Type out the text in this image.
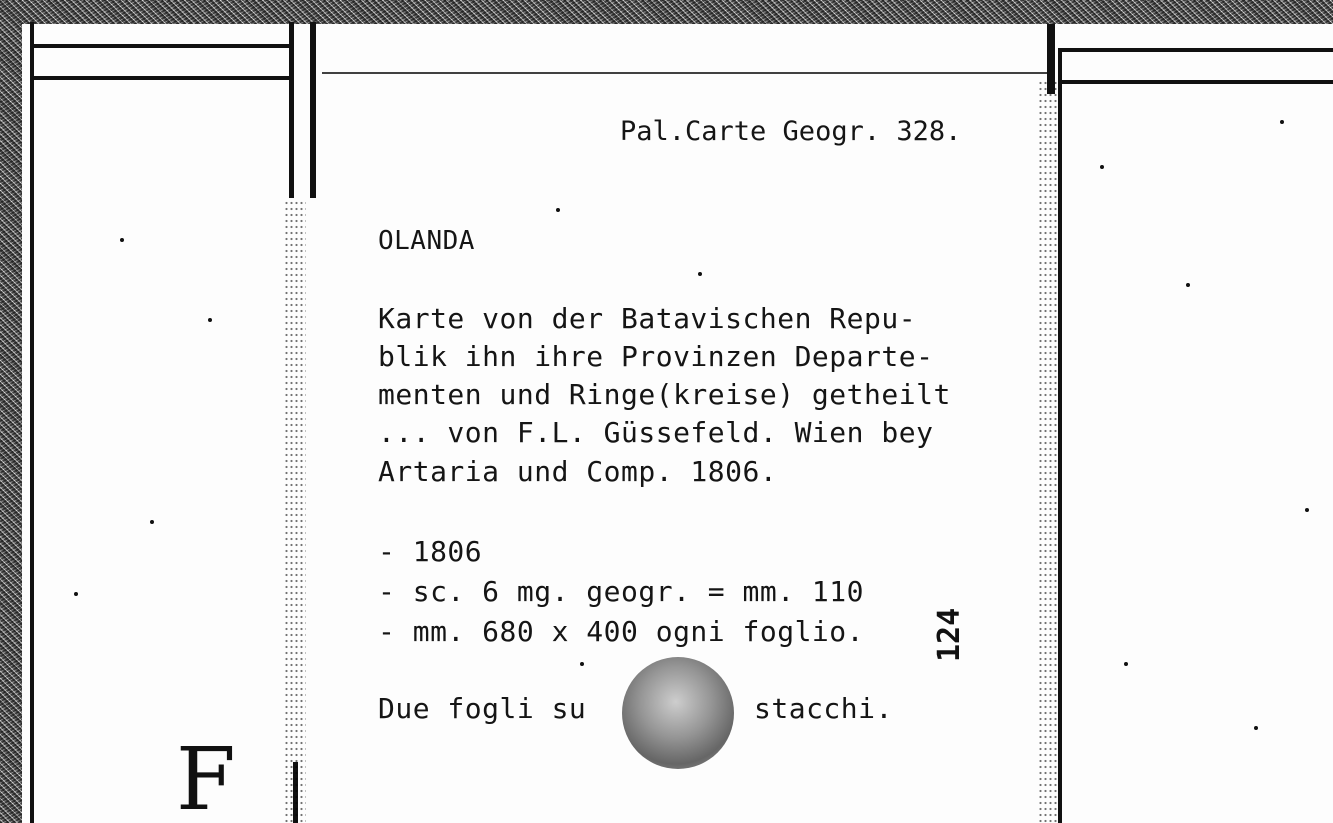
Pal.Carte Geogr. 328.
OLANDA
Karte von der Batavischen Repu-
blik ihn ihre Provinzen Departe-
menten und Ringe(kreise) getheilt
... von F.L. Güssefeld. Wien bey
Artaria und Comp. 1806.
- 1806
- sc. 6 mg. geogr. = mm. 110
- mm. 680 x 400 ogni foglio.
Due fogli su	stacchi.
124
F
